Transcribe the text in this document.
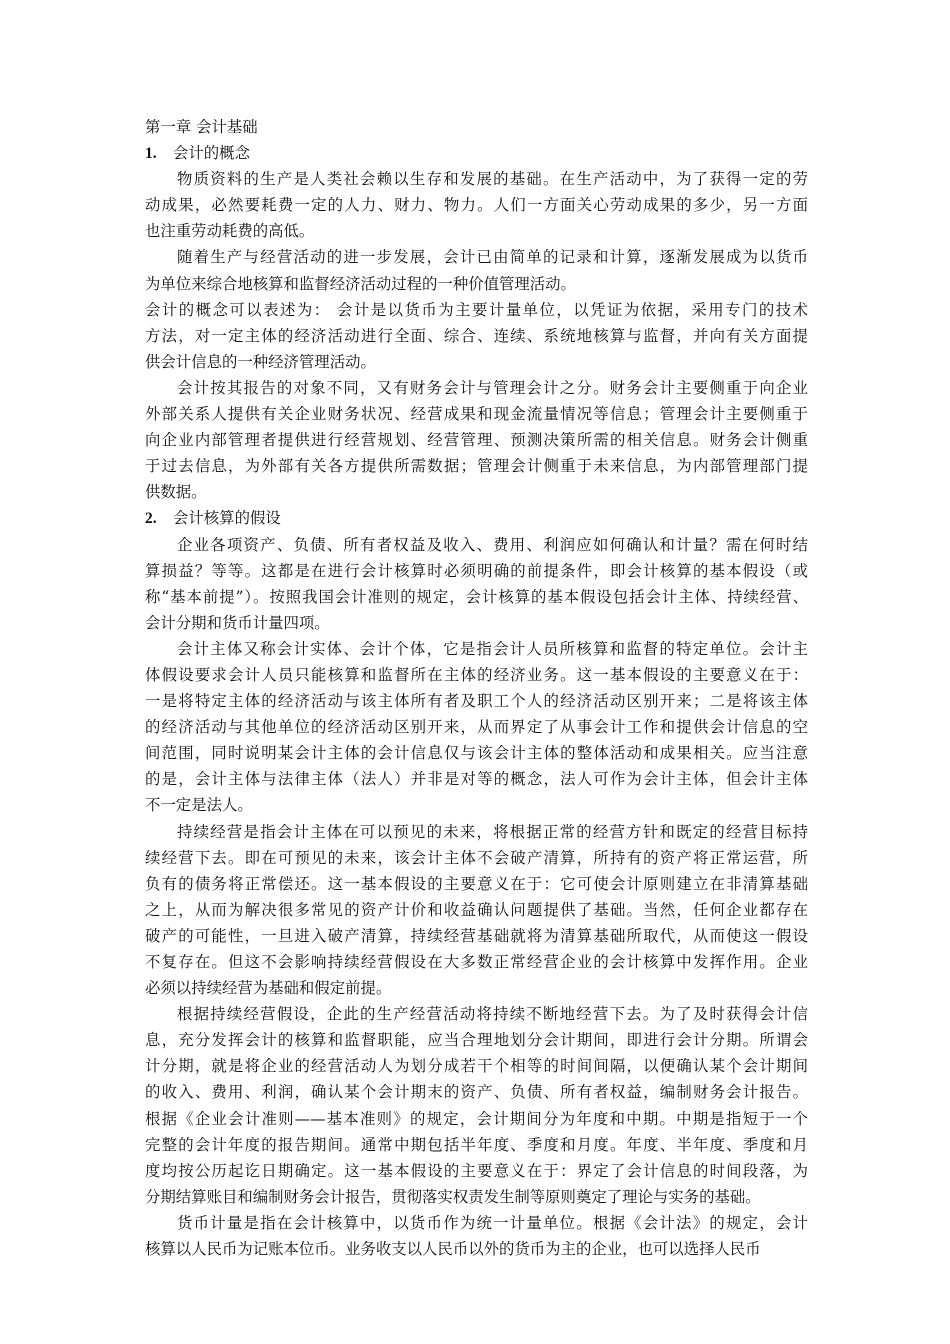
第一章 会计基础
1. 会计的概念
物质资料的生产是人类社会赖以生存和发展的基础。在生产活动中，为了获得一定的劳
动成果，必然要耗费一定的人力、财力、物力。人们一方面关心劳动成果的多少，另一方面
也注重劳动耗费的高低。
随着生产与经营活动的进一步发展，会计已由简单的记录和计算，逐渐发展成为以货币
为单位来综合地核算和监督经济活动过程的一种价值管理活动。
会计的概念可以表述为： 会计是以货币为主要计量单位，以凭证为依据，采用专门的技术
方法，对一定主体的经济活动进行全面、综合、连续、系统地核算与监督，并向有关方面提
供会计信息的一种经济管理活动。
会计按其报告的对象不同，又有财务会计与管理会计之分。财务会计主要侧重于向企业
外部关系人提供有关企业财务状况、经营成果和现金流量情况等信息；管理会计主要侧重于
向企业内部管理者提供进行经营规划、经营管理、预测决策所需的相关信息。财务会计侧重
于过去信息，为外部有关各方提供所需数据；管理会计侧重于未来信息，为内部管理部门提
供数据。
2. 会计核算的假设
企业各项资产、负债、所有者权益及收入、费用、利润应如何确认和计量？需在何时结
算损益？等等。这都是在进行会计核算时必须明确的前提条件，即会计核算的基本假设（或
称“基本前提”）。按照我国会计准则的规定，会计核算的基本假设包括会计主体、持续经营、
会计分期和货币计量四项。
会计主体又称会计实体、会计个体，它是指会计人员所核算和监督的特定单位。会计主
体假设要求会计人员只能核算和监督所在主体的经济业务。这一基本假设的主要意义在于：
一是将特定主体的经济活动与该主体所有者及职工个人的经济活动区别开来；二是将该主体
的经济活动与其他单位的经济活动区别开来，从而界定了从事会计工作和提供会计信息的空
间范围，同时说明某会计主体的会计信息仅与该会计主体的整体活动和成果相关。应当注意
的是，会计主体与法律主体（法人）并非是对等的概念，法人可作为会计主体，但会计主体
不一定是法人。
持续经营是指会计主体在可以预见的未来，将根据正常的经营方针和既定的经营目标持
续经营下去。即在可预见的未来，该会计主体不会破产清算，所持有的资产将正常运营，所
负有的债务将正常偿还。这一基本假设的主要意义在于：它可使会计原则建立在非清算基础
之上，从而为解决很多常见的资产计价和收益确认问题提供了基础。当然，任何企业都存在
破产的可能性，一旦进入破产清算，持续经营基础就将为清算基础所取代，从而使这一假设
不复存在。但这不会影响持续经营假设在大多数正常经营企业的会计核算中发挥作用。企业
必须以持续经营为基础和假定前提。
根据持续经营假设，企此的生产经营活动将持续不断地经营下去。为了及时获得会计信
息，充分发挥会计的核算和监督职能，应当合理地划分会计期间，即进行会计分期。所谓会
计分期，就是将企业的经营活动人为划分成若干个相等的时间间隔，以便确认某个会计期间
的收入、费用、利润，确认某个会计期末的资产、负债、所有者权益，编制财务会计报告。
根据《企业会计准则——基本准则》的规定，会计期间分为年度和中期。中期是指短于一个
完整的会计年度的报告期间。通常中期包括半年度、季度和月度。年度、半年度、季度和月
度均按公历起讫日期确定。这一基本假设的主要意义在于：界定了会计信息的时间段落，为
分期结算账目和编制财务会计报告，贯彻落实权责发生制等原则奠定了理论与实务的基础。
货币计量是指在会计核算中，以货币作为统一计量单位。根据《会计法》的规定，会计
核算以人民币为记账本位币。业务收支以人民币以外的货币为主的企业，也可以选择人民币
